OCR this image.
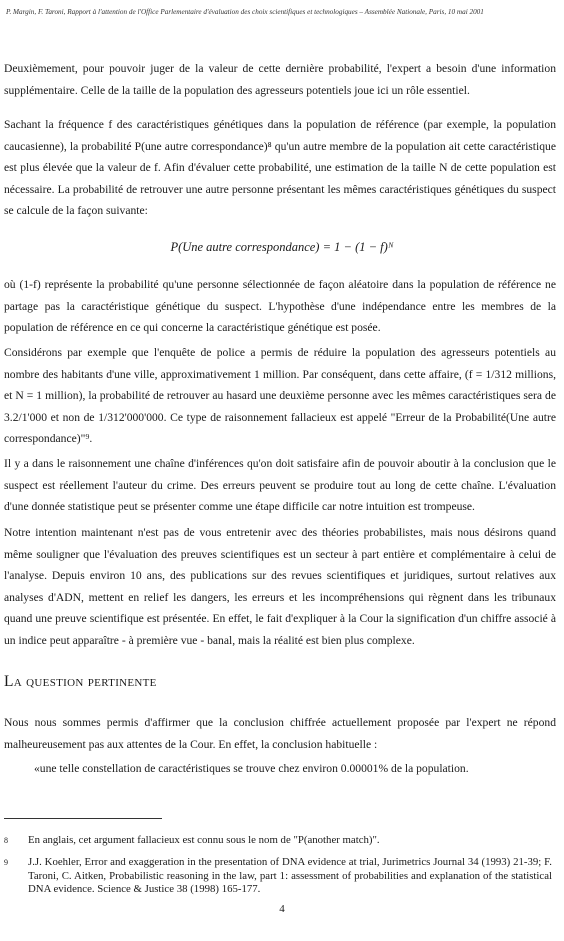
P. Margin, F. Taroni, Rapport à l'attention de l'Office Parlementaire d'évaluation des choix scientifiques et technologiques – Assemblée Nationale, Paris, 10 mai 2001

Deuxièmement, pour pouvoir juger de la valeur de cette dernière probabilité, l'expert a besoin d'une information supplémentaire. Celle de la taille de la population des agresseurs potentiels joue ici un rôle essentiel.

Sachant la fréquence f des caractéristiques génétiques dans la population de référence (par exemple, la population caucasienne), la probabilité P(une autre correspondance)⁸ qu'un autre membre de la population ait cette caractéristique est plus élevée que la valeur de f. Afin d'évaluer cette probabilité, une estimation de la taille N de cette population est nécessaire. La probabilité de retrouver une autre personne présentant les mêmes caractéristiques génétiques du suspect se calcule de la façon suivante:

P(Une autre correspondance) = 1 − (1 − f)ᴺ

où (1-f) représente la probabilité qu'une personne sélectionnée de façon aléatoire dans la population de référence ne partage pas la caractéristique génétique du suspect. L'hypothèse d'une indépendance entre les membres de la population de référence en ce qui concerne la caractéristique génétique est posée.

Considérons par exemple que l'enquête de police a permis de réduire la population des agresseurs potentiels au nombre des habitants d'une ville, approximativement 1 million. Par conséquent, dans cette affaire, (f = 1/312 millions, et N = 1 million), la probabilité de retrouver au hasard une deuxième personne avec les mêmes caractéristiques sera de 3.2/1'000 et non de 1/312'000'000. Ce type de raisonnement fallacieux est appelé "Erreur de la Probabilité(Une autre correspondance)"⁹.

Il y a dans le raisonnement une chaîne d'inférences qu'on doit satisfaire afin de pouvoir aboutir à la conclusion que le suspect est réellement l'auteur du crime. Des erreurs peuvent se produire tout au long de cette chaîne. L'évaluation d'une donnée statistique peut se présenter comme une étape difficile car notre intuition est trompeuse.

Notre intention maintenant n'est pas de vous entretenir avec des théories probabilistes, mais nous désirons quand même souligner que l'évaluation des preuves scientifiques est un secteur à part entière et complémentaire à celui de l'analyse. Depuis environ 10 ans, des publications sur des revues scientifiques et juridiques, surtout relatives aux analyses d'ADN, mettent en relief les dangers, les erreurs et les incompréhensions qui règnent dans les tribunaux quand une preuve scientifique est présentée. En effet, le fait d'expliquer à la Cour la signification d'un chiffre associé à un indice peut apparaître - à première vue - banal, mais la réalité est bien plus complexe.

La question pertinente

Nous nous sommes permis d'affirmer que la conclusion chiffrée actuellement proposée par l'expert ne répond malheureusement pas aux attentes de la Cour. En effet, la conclusion habituelle :

«une telle constellation de caractéristiques se trouve chez environ 0.00001% de la population.
8 En anglais, cet argument fallacieux est connu sous le nom de "P(another match)".
9 J.J. Koehler, Error and exaggeration in the presentation of DNA evidence at trial, Jurimetrics Journal 34 (1993) 21-39; F. Taroni, C. Aitken, Probabilistic reasoning in the law, part 1: assessment of probabilities and explanation of the statistical DNA evidence. Science & Justice 38 (1998) 165-177.
4
